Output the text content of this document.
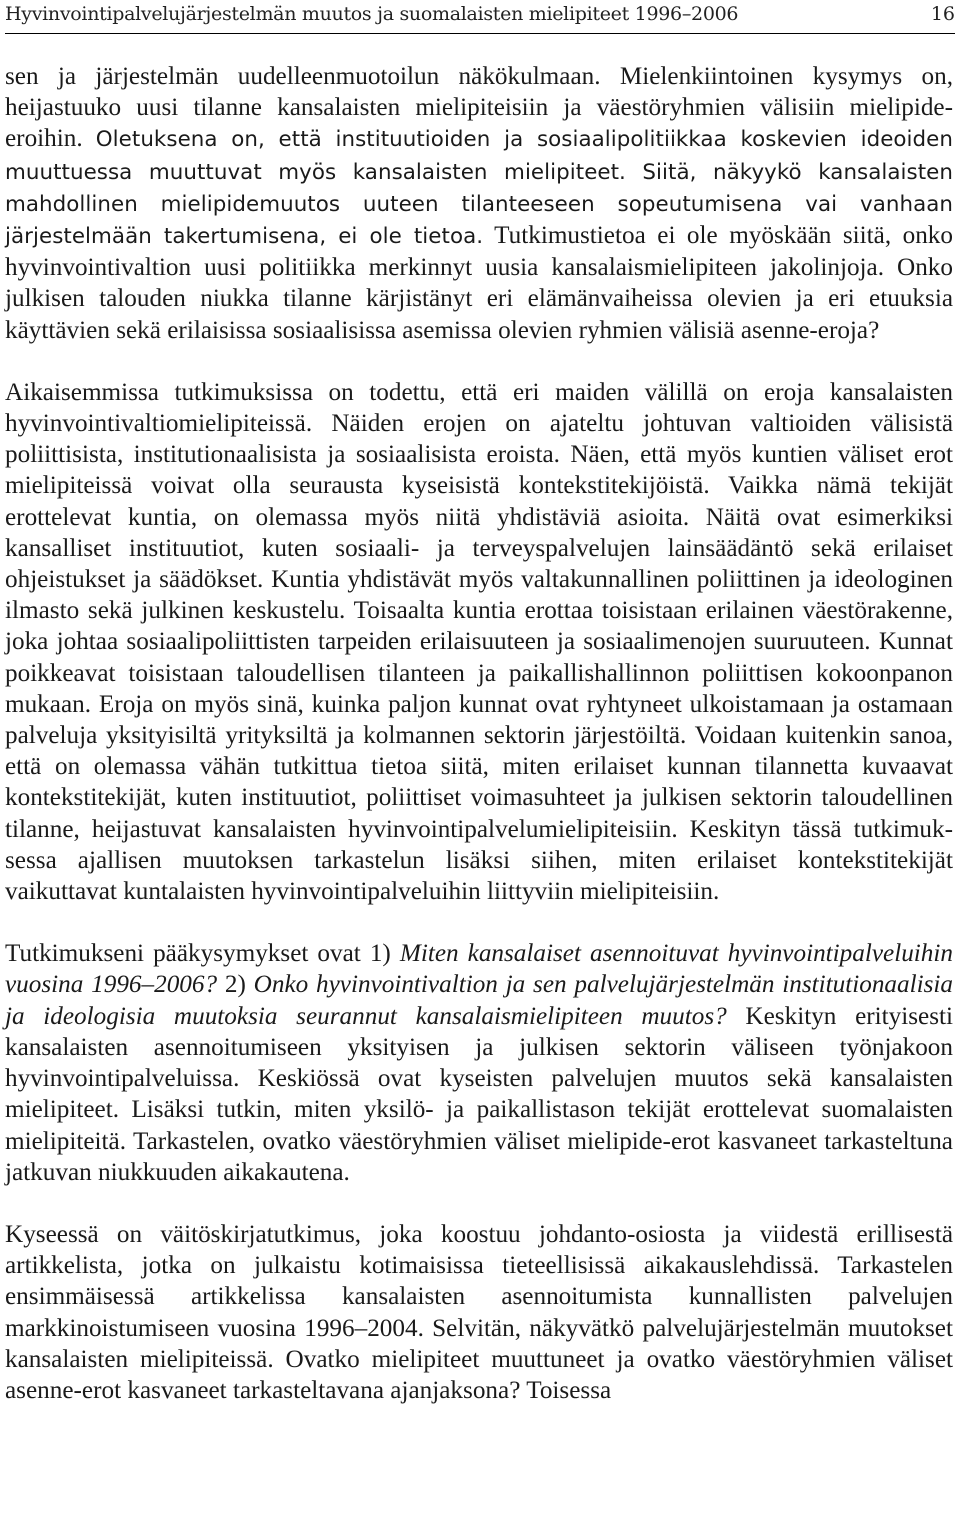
Hyvinvointipalvelujärjestelmän muutos ja suomalaisten mielipiteet 1996–2006	16

sen ja järjestelmän uudelleenmuotoilun näkökulmaan. Mielenkiintoinen kysymys on, heijastuuko uusi tilanne kansalaisten mielipiteisiin ja väestöryhmien välisiin mielipide-eroihin. Oletuksena on, että instituutioiden ja sosiaalipolitiikkaa koskevien ideoiden muuttuessa muuttuvat myös kansalaisten mielipiteet. Siitä, näkyykö kansalaisten mahdollinen mielipidemuutos uuteen tilanteeseen sopeutumisena vai vanhaan järjestelmään takertumisena, ei ole tietoa. Tutkimustietoa ei ole myöskään siitä, onko hyvinvointivaltion uusi politiikka merkinnyt uusia kansalaismielipiteen jakolinjoja. Onko julkisen talouden niukka tilanne kärjistänyt eri elämänvaiheissa olevien ja eri etuuksia käyttävien sekä erilaisissa sosiaalisissa asemissa olevien ryhmien välisiä asenne-eroja?

Aikaisemmissa tutkimuksissa on todettu, että eri maiden välillä on eroja kansalaisten hyvinvointivaltiomielipiteissä. Näiden erojen on ajateltu johtuvan valtioiden välisistä poliittisista, institutionaalisista ja sosiaalisista eroista. Näen, että myös kuntien väliset erot mielipiteissä voivat olla seurausta kyseisistä kontekstitekijöistä. Vaikka nämä tekijät erottelevat kuntia, on olemassa myös niitä yhdistäviä asioita. Näitä ovat esimerkiksi kansalliset instituutiot, kuten sosiaali- ja terveyspalvelujen lainsäädäntö sekä erilaiset ohjeistukset ja säädökset. Kuntia yhdistävät myös valtakunnallinen poliittinen ja ideologinen ilmasto sekä julkinen keskustelu. Toisaalta kuntia erottaa toisistaan erilainen väestörakenne, joka johtaa sosiaalipoliittisten tarpeiden erilaisuuteen ja sosiaalimenojen suuruuteen. Kunnat poikkeavat toisistaan taloudellisen tilanteen ja paikallishallinnon poliittisen kokoonpanon mukaan. Eroja on myös sinä, kuinka paljon kunnat ovat ryhtyneet ulkoistamaan ja ostamaan palveluja yksityisiltä yrityksiltä ja kolmannen sektorin järjestöiltä. Voidaan kuitenkin sanoa, että on olemassa vähän tutkittua tietoa siitä, miten erilaiset kunnan tilannetta kuvaavat kontekstitekijät, kuten instituutiot, poliittiset voimasuhteet ja julkisen sektorin taloudellinen tilanne, heijastuvat kansalaisten hyvinvointipalvelumielipiteisiin. Keskityn tässä tutkimuksessa ajallisen muutoksen tarkastelun lisäksi siihen, miten erilaiset kontekstitekijät vaikuttavat kuntalaisten hyvinvointipalveluihin liittyviin mielipiteisiin.

Tutkimukseni pääkysymykset ovat 1) Miten kansalaiset asennoituvat hyvinvointipalveluihin vuosina 1996–2006? 2) Onko hyvinvointivaltion ja sen palvelujärjestelmän institutionaalisia ja ideologisia muutoksia seurannut kansalaismielipiteen muutos? Keskityn erityisesti kansalaisten asennoitumiseen yksityisen ja julkisen sektorin väliseen työnjakoon hyvinvointipalveluissa. Keskiössä ovat kyseisten palvelujen muutos sekä kansalaisten mielipiteet. Lisäksi tutkin, miten yksilö- ja paikallistason tekijät erottelevat suomalaisten mielipiteitä. Tarkastelen, ovatko väestöryhmien väliset mielipide-erot kasvaneet tarkasteltuna jatkuvan niukkuuden aikakautena.

Kyseessä on väitöskirjatutkimus, joka koostuu johdanto-osiosta ja viidestä erillisestä artikkelista, jotka on julkaistu kotimaisissa tieteellisissä aikakauslehdissä. Tarkastelen ensimmäisessä artikkelissa kansalaisten asennoitumista kunnallisten palvelujen markkinoistumiseen vuosina 1996–2004. Selvitän, näkyvätkö palvelujärjestelmän muutokset kansalaisten mielipiteissä. Ovatko mielipiteet muuttuneet ja ovatko väestöryhmien väliset asenne-erot kasvaneet tarkasteltavana ajanjaksona? Toisessa
